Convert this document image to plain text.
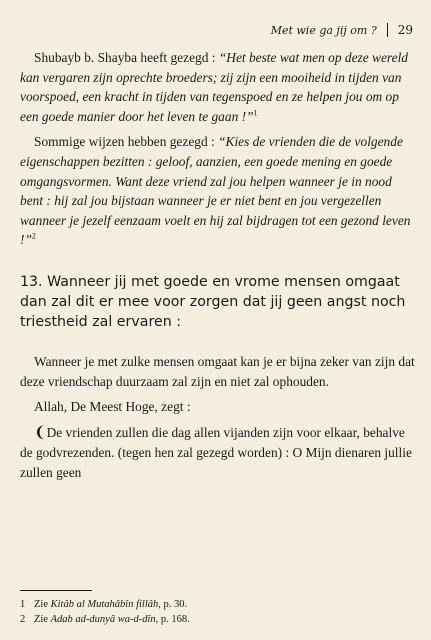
Met wie ga jij om ? 29

Shubayb b. Shayba heeft gezegd : “Het beste wat men op deze wereld kan vergaren zijn oprechte broeders; zij zijn een mooiheid in tijden van voorspoed, een kracht in tijden van tegenspoed en ze helpen jou om op een goede manier door het leven te gaan !”$^1$

Sommige wijzen hebben gezegd : “Kies de vrienden die de volgende eigenschappen bezitten : geloof, aanzien, een goede mening en goede omgangsvormen. Want deze vriend zal jou helpen wanneer je in nood bent : hij zal jou bijstaan wanneer je er niet bent en jou vergezellen wanneer je jezelf eenzaam voelt en hij zal bijdragen tot een gezond leven !”$^2$

13. Wanneer jij met goede en vrome mensen omgaat dan zal dit er mee voor zorgen dat jij geen angst noch triestheid zal ervaren :

Wanneer je met zulke mensen omgaat kan je er bijna zeker van zijn dat deze vriendschap duurzaam zal zijn en niet zal ophouden.

Allah, De Meest Hoge, zegt :

❨De vrienden zullen die dag allen vijanden zijn voor elkaar, behalve de godvrezenden. (tegen hen zal gezegd worden) : O Mijn dienaren jullie zullen geen

1 Zie Kitâb al Mutahâbîn fillâh, p. 30.
2 Zie Adab ad-dunyâ wa-d-dîn, p. 168.
